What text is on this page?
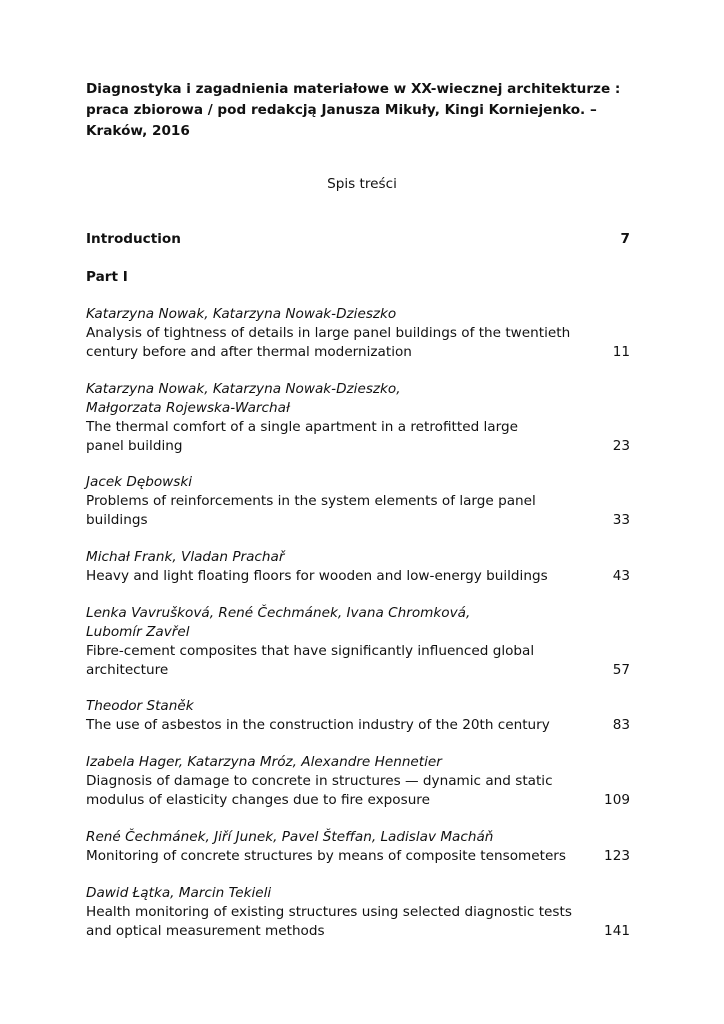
Diagnostyka i zagadnienia materiałowe w XX-wiecznej architekturze :
praca zbiorowa / pod redakcją Janusza Mikuły, Kingi Korniejenko. –
Kraków, 2016
Spis treści
Introduction	7
Part I
Katarzyna Nowak, Katarzyna Nowak-Dzieszko
Analysis of tightness of details in large panel buildings of the twentieth
century before and after thermal modernization	11
Katarzyna Nowak, Katarzyna Nowak-Dzieszko,
Małgorzata Rojewska-Warchał
The thermal comfort of a single apartment in a retrofitted large
panel building	23
Jacek Dębowski
Problems of reinforcements in the system elements of large panel
buildings	33
Michał Frank, Vladan Prachař
Heavy and light floating floors for wooden and low-energy buildings	43
Lenka Vavrušková, René Čechmánek, Ivana Chromková,
Lubomír Zavřel
Fibre-cement composites that have significantly influenced global
architecture	57
Theodor Staněk
The use of asbestos in the construction industry of the 20th century	83
Izabela Hager, Katarzyna Mróz, Alexandre Hennetier
Diagnosis of damage to concrete in structures — dynamic and static
modulus of elasticity changes due to fire exposure	109
René Čechmánek, Jiří Junek, Pavel Šteffan, Ladislav Macháň
Monitoring of concrete structures by means of composite tensometers	123
Dawid Łątka, Marcin Tekieli
Health monitoring of existing structures using selected diagnostic tests
and optical measurement methods	141
